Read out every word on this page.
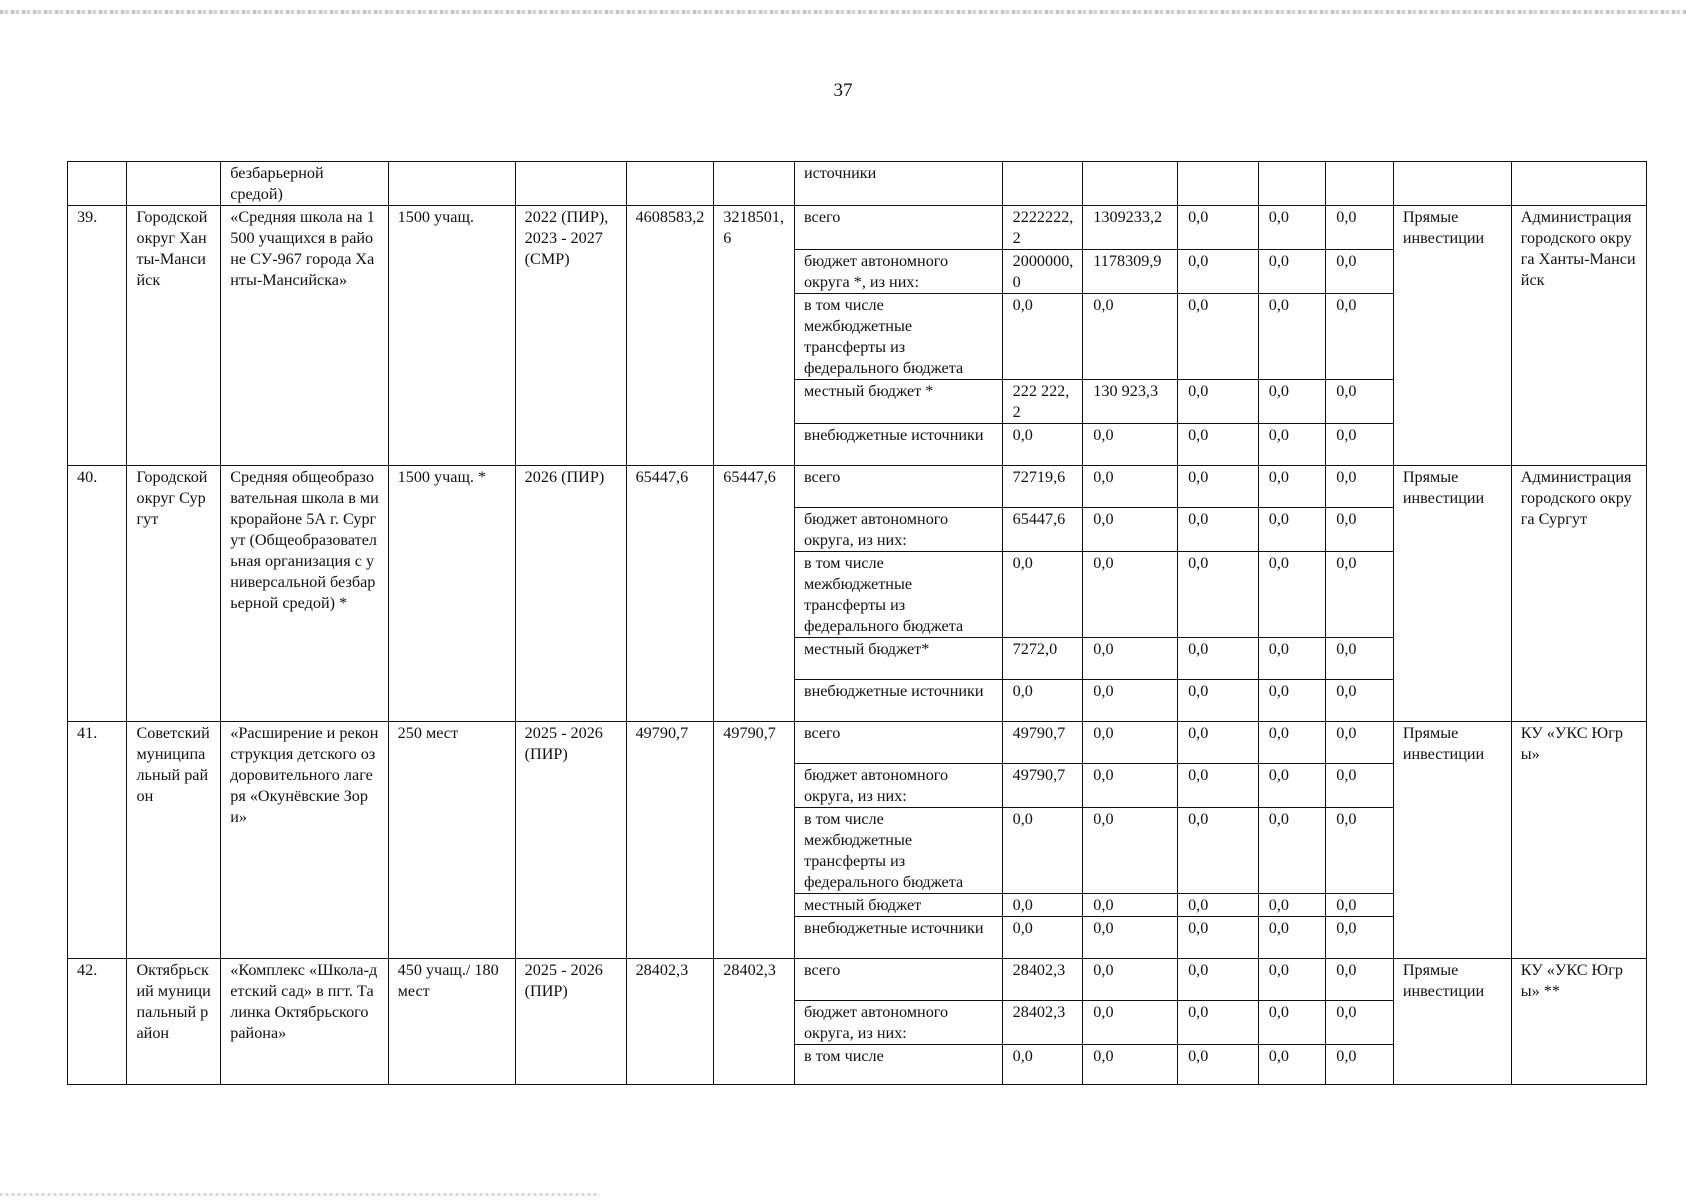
37
		безбарьерной средой)					источники							
39.	Городской округ Ханты-Мансийск	«Средняя школа на 1500 учащихся в районе СУ-967 города Ханты-Мансийска»	1500 учащ.	2022 (ПИР), 2023 - 2027 (СМР)	4608583,2	3218501,6	всего	2222222,2	1309233,2	0,0	0,0	0,0	Прямые инвестиции	Администрация городского округа Ханты-Мансийск
							бюджет автономного округа *, из них:	2000000,0	1178309,9	0,0	0,0	0,0		
							в том числе межбюджетные трансферты из федерального бюджета	0,0	0,0	0,0	0,0	0,0		
							местный бюджет *	222 222,2	130 923,3	0,0	0,0	0,0		
							внебюджетные источники	0,0	0,0	0,0	0,0	0,0		
40.	Городской округ Сургут	Средняя общеобразовательная школа в микрорайоне 5А г. Сургут (Общеобразовательная организация с универсальной безбарьерной средой) *	1500 учащ. *	2026 (ПИР)	65447,6	65447,6	всего	72719,6	0,0	0,0	0,0	0,0	Прямые инвестиции	Администрация городского округа Сургут
							бюджет автономного округа, из них:	65447,6	0,0	0,0	0,0	0,0		
							в том числе межбюджетные трансферты из федерального бюджета	0,0	0,0	0,0	0,0	0,0		
							местный бюджет*	7272,0	0,0	0,0	0,0	0,0		
							внебюджетные источники	0,0	0,0	0,0	0,0	0,0		
41.	Советский муниципальный район	«Расширение и реконструкция детского оздоровительного лагеря «Окунёвские Зори»	250 мест	2025 - 2026 (ПИР)	49790,7	49790,7	всего	49790,7	0,0	0,0	0,0	0,0	Прямые инвестиции	КУ «УКС Югры»
							бюджет автономного округа, из них:	49790,7	0,0	0,0	0,0	0,0		
							в том числе межбюджетные трансферты из федерального бюджета	0,0	0,0	0,0	0,0	0,0		
							местный бюджет	0,0	0,0	0,0	0,0	0,0		
							внебюджетные источники	0,0	0,0	0,0	0,0	0,0		
42.	Октябрьский муниципальный район	«Комплекс «Школа-детский сад» в пгт. Талинка Октябрьского района»	450 учащ./ 180 мест	2025 - 2026 (ПИР)	28402,3	28402,3	всего	28402,3	0,0	0,0	0,0	0,0	Прямые инвестиции	КУ «УКС Югры» **
							бюджет автономного округа, из них:	28402,3	0,0	0,0	0,0	0,0		
							в том числе	0,0	0,0	0,0	0,0	0,0		
